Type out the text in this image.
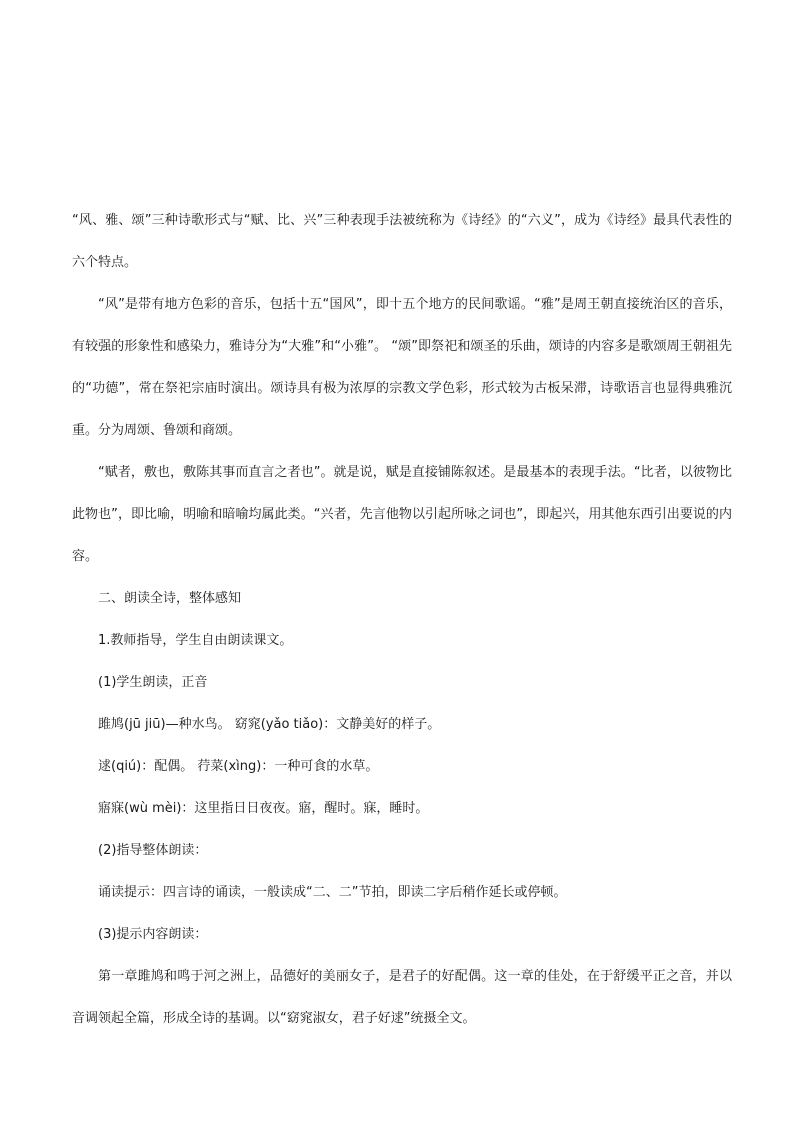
“风、雅、颂”三种诗歌形式与“赋、比、兴”三种表现手法被统称为《诗经》的“六义”，成为《诗经》最具代表性的六个特点。

“风”是带有地方色彩的音乐，包括十五“国风”，即十五个地方的民间歌谣。“雅”是周王朝直接统治区的音乐，有较强的形象性和感染力，雅诗分为“大雅”和“小雅”。 “颂”即祭祀和颂圣的乐曲，颂诗的内容多是歌颂周王朝祖先的“功德”，常在祭祀宗庙时演出。颂诗具有极为浓厚的宗教文学色彩，形式较为古板呆滞，诗歌语言也显得典雅沉重。分为周颂、鲁颂和商颂。

“赋者，敷也，敷陈其事而直言之者也”。就是说，赋是直接铺陈叙述。是最基本的表现手法。“比者，以彼物比此物也”，即比喻，明喻和暗喻均属此类。“兴者，先言他物以引起所咏之词也”，即起兴，用其他东西引出要说的内容。

二、朗读全诗，整体感知

1.教师指导，学生自由朗读课文。

(1)学生朗读，正音

雎鸠(jū jiū)—种水鸟。 窈窕(yǎo tiǎo)：文静美好的样子。

逑(qiú)：配偶。 荇菜(xìng)：一种可食的水草。

寤寐(wù mèi)：这里指日日夜夜。寤，醒时。寐，睡时。

(2)指导整体朗读：

诵读提示：四言诗的诵读，一般读成“二、二”节拍，即读二字后稍作延长或停顿。

(3)提示内容朗读：

第一章雎鸠和鸣于河之洲上，品德好的美丽女子，是君子的好配偶。这一章的佳处，在于舒缓平正之音，并以音调领起全篇，形成全诗的基调。以“窈窕淑女，君子好逑”统摄全文。
